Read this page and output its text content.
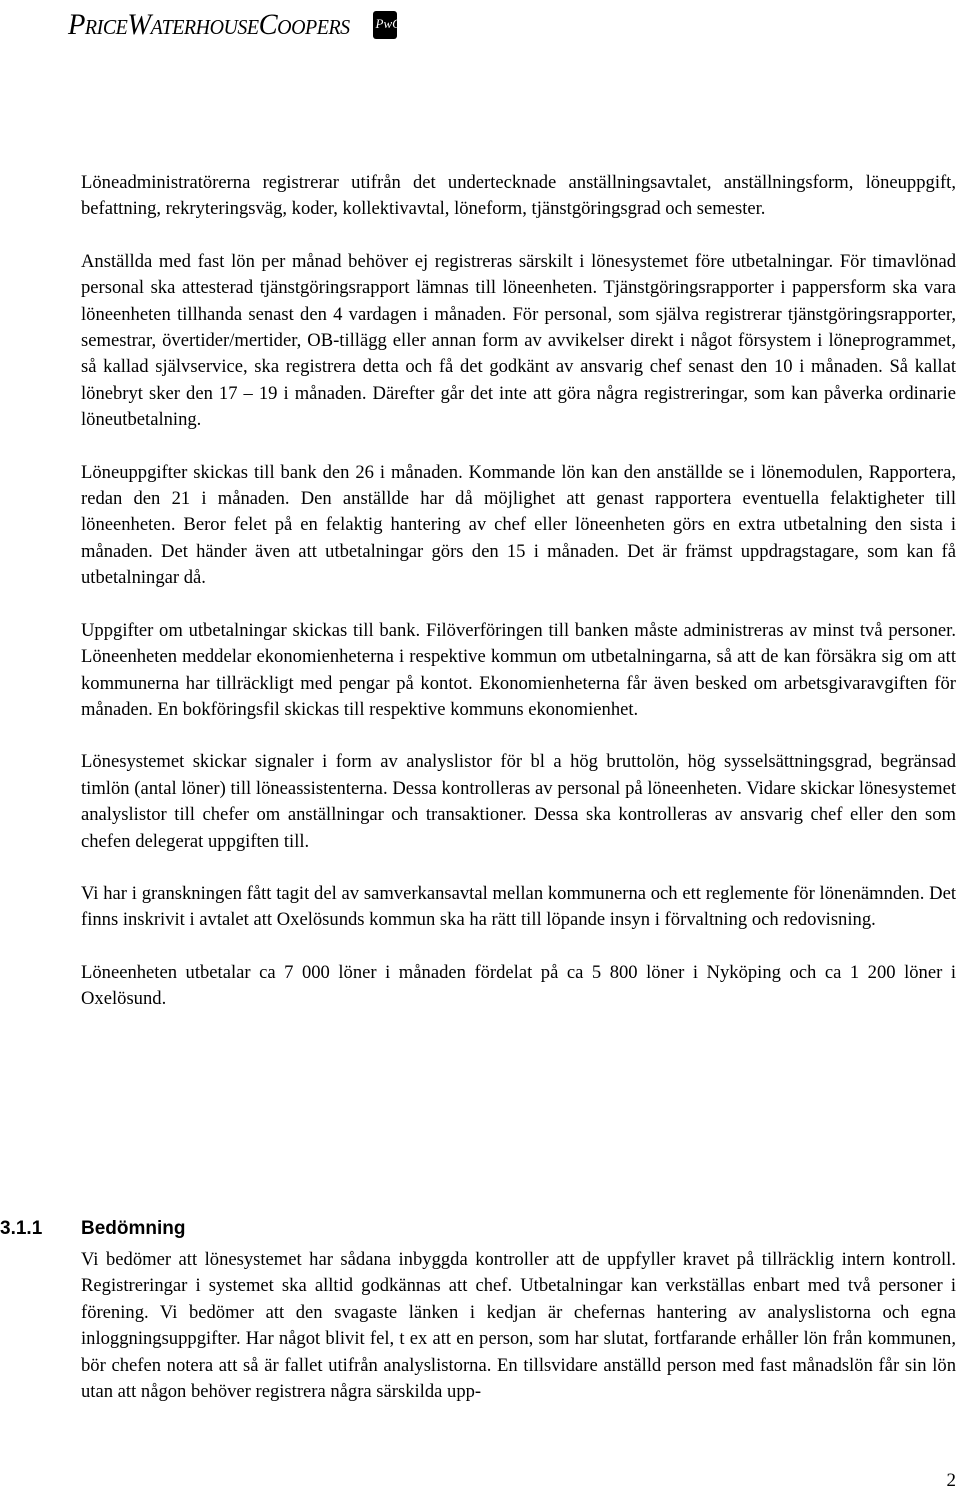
PriceWaterhouseCoopers PwC

Löneadministratörerna registrerar utifrån det undertecknade anställningsavtalet, anställningsform, löneuppgift, befattning, rekryteringsväg, koder, kollektivavtal, löneform, tjänstgöringsgrad och semester.

Anställda med fast lön per månad behöver ej registreras särskilt i lönesystemet före utbetalningar. För timavlönad personal ska attesterad tjänstgöringsrapport lämnas till löneenheten. Tjänstgöringsrapporter i pappersform ska vara löneenheten tillhanda senast den 4 vardagen i månaden. För personal, som själva registrerar tjänstgöringsrapporter, semestrar, övertider/mertider, OB-tillägg eller annan form av avvikelser direkt i något försystem i löneprogrammet, så kallad självservice, ska registrera detta och få det godkänt av ansvarig chef senast den 10 i månaden. Så kallat lönebryt sker den 17 – 19 i månaden. Därefter går det inte att göra några registreringar, som kan påverka ordinarie löneutbetalning.

Löneuppgifter skickas till bank den 26 i månaden. Kommande lön kan den anställde se i lönemodulen, Rapportera, redan den 21 i månaden. Den anställde har då möjlighet att genast rapportera eventuella felaktigheter till löneenheten. Beror felet på en felaktig hantering av chef eller löneenheten görs en extra utbetalning den sista i månaden. Det händer även att utbetalningar görs den 15 i månaden. Det är främst uppdragstagare, som kan få utbetalningar då.

Uppgifter om utbetalningar skickas till bank. Filöverföringen till banken måste administreras av minst två personer. Löneenheten meddelar ekonomienheterna i respektive kommun om utbetalningarna, så att de kan försäkra sig om att kommunerna har tillräckligt med pengar på kontot. Ekonomienheterna får även besked om arbetsgivaravgiften för månaden. En bokföringsfil skickas till respektive kommuns ekonomienhet.

Lönesystemet skickar signaler i form av analyslistor för bl a hög bruttolön, hög sysselsättningsgrad, begränsad timlön (antal löner) till löneassistenterna. Dessa kontrolleras av personal på löneenheten. Vidare skickar lönesystemet analyslistor till chefer om anställningar och transaktioner. Dessa ska kontrolleras av ansvarig chef eller den som chefen delegerat uppgiften till.

Vi har i granskningen fått tagit del av samverkansavtal mellan kommunerna och ett reglemente för lönenämnden. Det finns inskrivit i avtalet att Oxelösunds kommun ska ha rätt till löpande insyn i förvaltning och redovisning.

Löneenheten utbetalar ca 7 000 löner i månaden fördelat på ca 5 800 löner i Nyköping och ca 1 200 löner i Oxelösund.

3.1.1	Bedömning

Vi bedömer att lönesystemet har sådana inbyggda kontroller att de uppfyller kravet på tillräcklig intern kontroll. Registreringar i systemet ska alltid godkännas att chef. Utbetalningar kan verkställas enbart med två personer i förening. Vi bedömer att den svagaste länken i kedjan är chefernas hantering av analyslistorna och egna inloggningsuppgifter. Har något blivit fel, t ex att en person, som har slutat, fortfarande erhåller lön från kommunen, bör chefen notera att så är fallet utifrån analyslistorna. En tillsvidare anställd person med fast månadslön får sin lön utan att någon behöver registrera några särskilda upp-

2
